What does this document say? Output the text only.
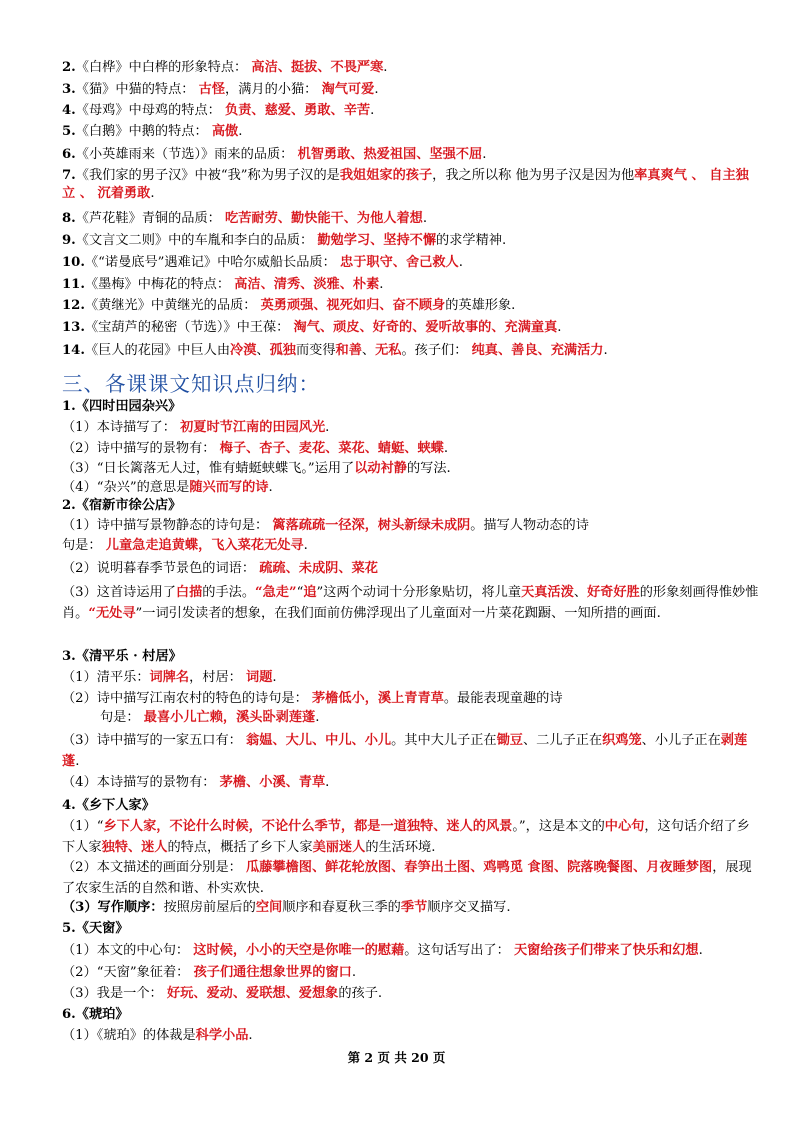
2.《白桦》中白桦的形象特点： 高洁、挺拔、不畏严寒.
3.《猫》中猫的特点： 古怪，满月的小猫： 淘气可爱.
4.《母鸡》中母鸡的特点： 负责、慈爱、勇敢、辛苦.
5.《白鹅》中鹅的特点： 高傲.
6.《小英雄雨来（节选）》雨来的品质： 机智勇敢、热爱祖国、坚强不屈.
7.《我们家的男子汉》中被“我”称为男子汉的是我姐姐家的孩子，我之所以称 他为男子汉是因为他率真爽气 、 自主独立 、 沉着勇敢.
8.《芦花鞋》青铜的品质： 吃苦耐劳、勤快能干、为他人着想.
9.《文言文二则》中的车胤和李白的品质： 勤勉学习、坚持不懈的求学精神.
10.《“诺曼底号”遇难记》中哈尔威船长品质： 忠于职守、舍己救人.
11.《墨梅》中梅花的特点： 高洁、清秀、淡雅、朴素.
12.《黄继光》中黄继光的品质： 英勇顽强、视死如归、奋不顾身的英雄形象.
13.《宝葫芦的秘密（节选）》中王葆： 淘气、顽皮、好奇的、爱听故事的、充满童真.
14.《巨人的花园》中巨人由冷漠、孤独而变得和善、无私。孩子们： 纯真、善良、充满活力.
三、各课课文知识点归纳：
1.《四时田园杂兴》
（1）本诗描写了： 初夏时节江南的田园风光.
（2）诗中描写的景物有： 梅子、杏子、麦花、菜花、蜻蜓、蛱蝶.
（3）“日长篱落无人过，惟有蜻蜓蛱蝶飞。”运用了以动衬静的写法.
（4）“杂兴”的意思是随兴而写的诗.
2.《宿新市徐公店》
（1）诗中描写景物静态的诗句是： 篱落疏疏一径深，树头新绿未成阴。描写人物动态的诗
句是： 儿童急走追黄蝶，飞入菜花无处寻.
（2）说明暮春季节景色的词语： 疏疏、未成阴、菜花
（3）这首诗运用了白描的手法。“急走”“追”这两个动词十分形象贴切，将儿童天真活泼、好奇好胜的形象刻画得惟妙惟肖。“无处寻”一词引发读者的想象，在我们面前仿佛浮现出了儿童面对一片菜花踟蹰、一知所措的画面.
3.《清平乐 · 村居》
（1）清平乐：词牌名，村居： 词题.
（2）诗中描写江南农村的特色的诗句是： 茅檐低小，溪上青青草。最能表现童趣的诗
句是： 最喜小儿亡赖，溪头卧剥莲蓬.
（3）诗中描写的一家五口有： 翁媪、大儿、中儿、小儿。其中大儿子正在锄豆、二儿子正在织鸡笼、小儿子正在剥莲蓬.
（4）本诗描写的景物有： 茅檐、小溪、青草.
4.《乡下人家》
（1）“乡下人家，不论什么时候，不论什么季节，都是一道独特、迷人的风景。”，这是本文的中心句，这句话介绍了乡下人家独特、迷人的特点，概括了乡下人家美丽迷人的生活环境.
（2）本文描述的画面分别是： 瓜藤攀檐图、鲜花轮放图、春笋出土图、鸡鸭觅 食图、院落晚餐图、月夜睡梦图，展现了农家生活的自然和谐、朴实欢快.
（3）写作顺序：按照房前屋后的空间顺序和春夏秋三季的季节顺序交叉描写.
5.《天窗》
（1）本文的中心句： 这时候，小小的天空是你唯一的慰藉。这句话写出了： 天窗给孩子们带来了快乐和幻想.
（2）“天窗”象征着： 孩子们通往想象世界的窗口.
（3）我是一个： 好玩、爱动、爱联想、爱想象的孩子.
6.《琥珀》
（1）《琥珀》的体裁是科学小品.
第 2 页 共 20 页
